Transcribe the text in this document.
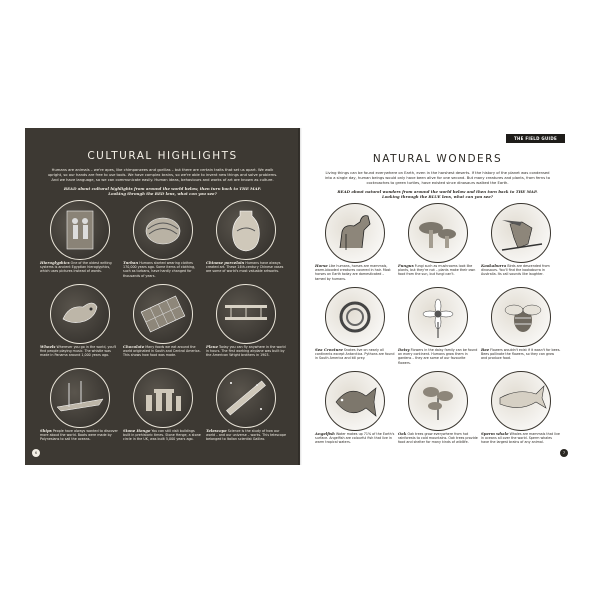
CULTURAL HIGHLIGHTS
Humans are animals – we're apes, like chimpanzees and gorillas – but there are certain traits that set us apart. We walk upright, so our hands are free to use tools. We have complex brains, so we're able to invent new things and solve problems. And we have language, so we can communicate easily. Human ideas, behaviours and works of art are known as culture.
READ about cultural highlights from around the world below, then turn back to THE MAP. Looking through the RED lens, what can you see?
Hieroglyphics One of the oldest writing systems is ancient Egyptian hieroglyphics, which uses pictures instead of words.
Turban Humans started wearing clothes 170,000 years ago. Some items of clothing, such as turbans, have hardly changed for thousands of years.
Chinese porcelain Humans have always created art. These 14th-century Chinese vases are some of world's most valuable artworks.
Wheels Wherever you go in the world, you'll find people playing music. The whistle was made in Panama around 1,000 years ago.
Chocolate Many foods we eat around the world originated in South and Central America. This shows how food was made.
Plane Today you can fly anywhere in the world in hours. The first working airplane was built by the American Wright brothers in 1903.
Ships People have always wanted to discover more about the world. Boats were made by Polynesians to sail the oceans.
Stone Henge You can still visit buildings built in prehistoric times. Stone Henge, a stone circle in the UK, was built 5,000 years ago.
Telescope Science is the study of how our world – and our universe – works. This telescope belonged to Italian scientist Galileo.
6
THE FIELD GUIDE
NATURAL WONDERS
Living things can be found everywhere on Earth, even in the harshest deserts. If the history of the planet was condensed into a single day, human beings would only have been alive for one second. But many creatures and plants, from ferns to cockroaches to green turtles, have existed since dinosaurs walked the Earth.
READ about natural wonders from around the world below and then turn back to THE MAP. Looking through the BLUE lens, what can you see?
Horse Like humans, horses are mammals, warm-blooded creatures covered in hair. Most horses on Earth today are domesticated – tamed by humans.
Fungus Fungi such as mushrooms look like plants, but they're not – plants make their own food from the sun, but fungi can't.
Kookaburra Birds are descended from dinosaurs. You'll find the kookaburra in Australia. Its call sounds like laughter.
Sea Creature Snakes live on nearly all continents except Antarctica. Pythons are found in South America and kill prey.
Daisy Flowers in the daisy family can be found on every continent. Humans grow them in gardens – they are some of our favourite flowers.
Bee Flowers wouldn't exist if it wasn't for bees. Bees pollinate the flowers, so they can grow and produce food.
Angelfish Water makes up 71% of the Earth's surface. Angelfish are colourful fish that live in warm tropical waters.
Oak Oak trees grow everywhere from hot rainforests to cold mountains. Oak trees provide food and shelter for many kinds of wildlife.
Sperm whale Whales are mammals that live in oceans all over the world. Sperm whales have the largest brains of any animal.
7
